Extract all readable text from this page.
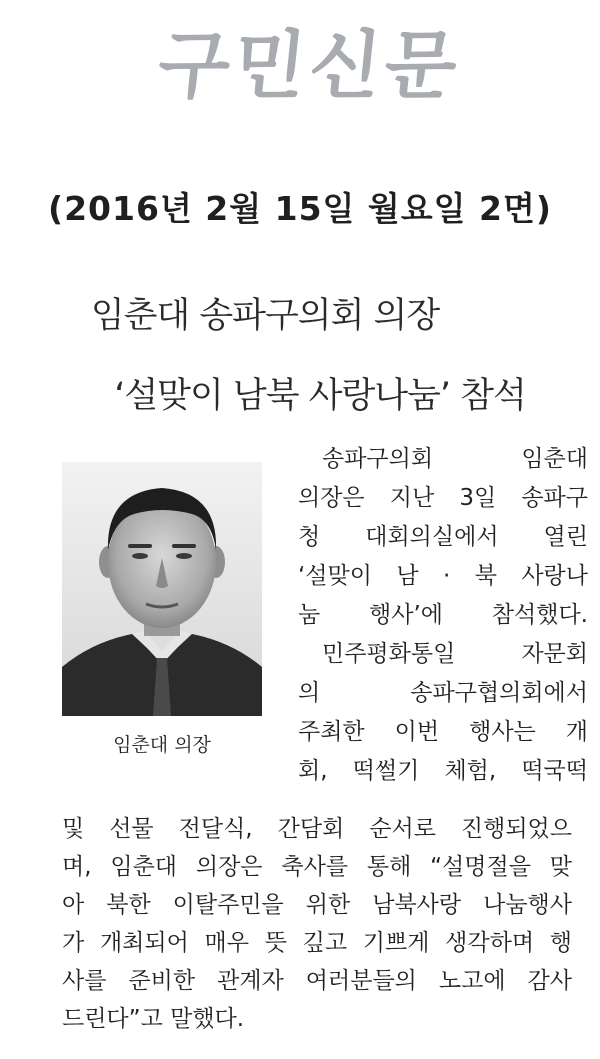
구민신문
(2016년 2월 15일 월요일 2면)
임춘대 송파구의회 의장
‘설맞이 남북 사랑나눔’ 참석
임춘대 의장
송파구의회 임춘대
의장은 지난 3일 송파구
청 대회의실에서 열린
‘설맞이 남 · 북 사랑나
눔 행사’에 참석했다.
민주평화통일 자문회
의 송파구협의회에서
주최한 이번 행사는 개
회, 떡썰기 체험, 떡국떡
및 선물 전달식, 간담회 순서로 진행되었으
며, 임춘대 의장은 축사를 통해 “설명절을 맞
아 북한 이탈주민을 위한 남북사랑 나눔행사
가 개최되어 매우 뜻 깊고 기쁘게 생각하며 행
사를 준비한 관계자 여러분들의 노고에 감사
드린다”고 말했다.
